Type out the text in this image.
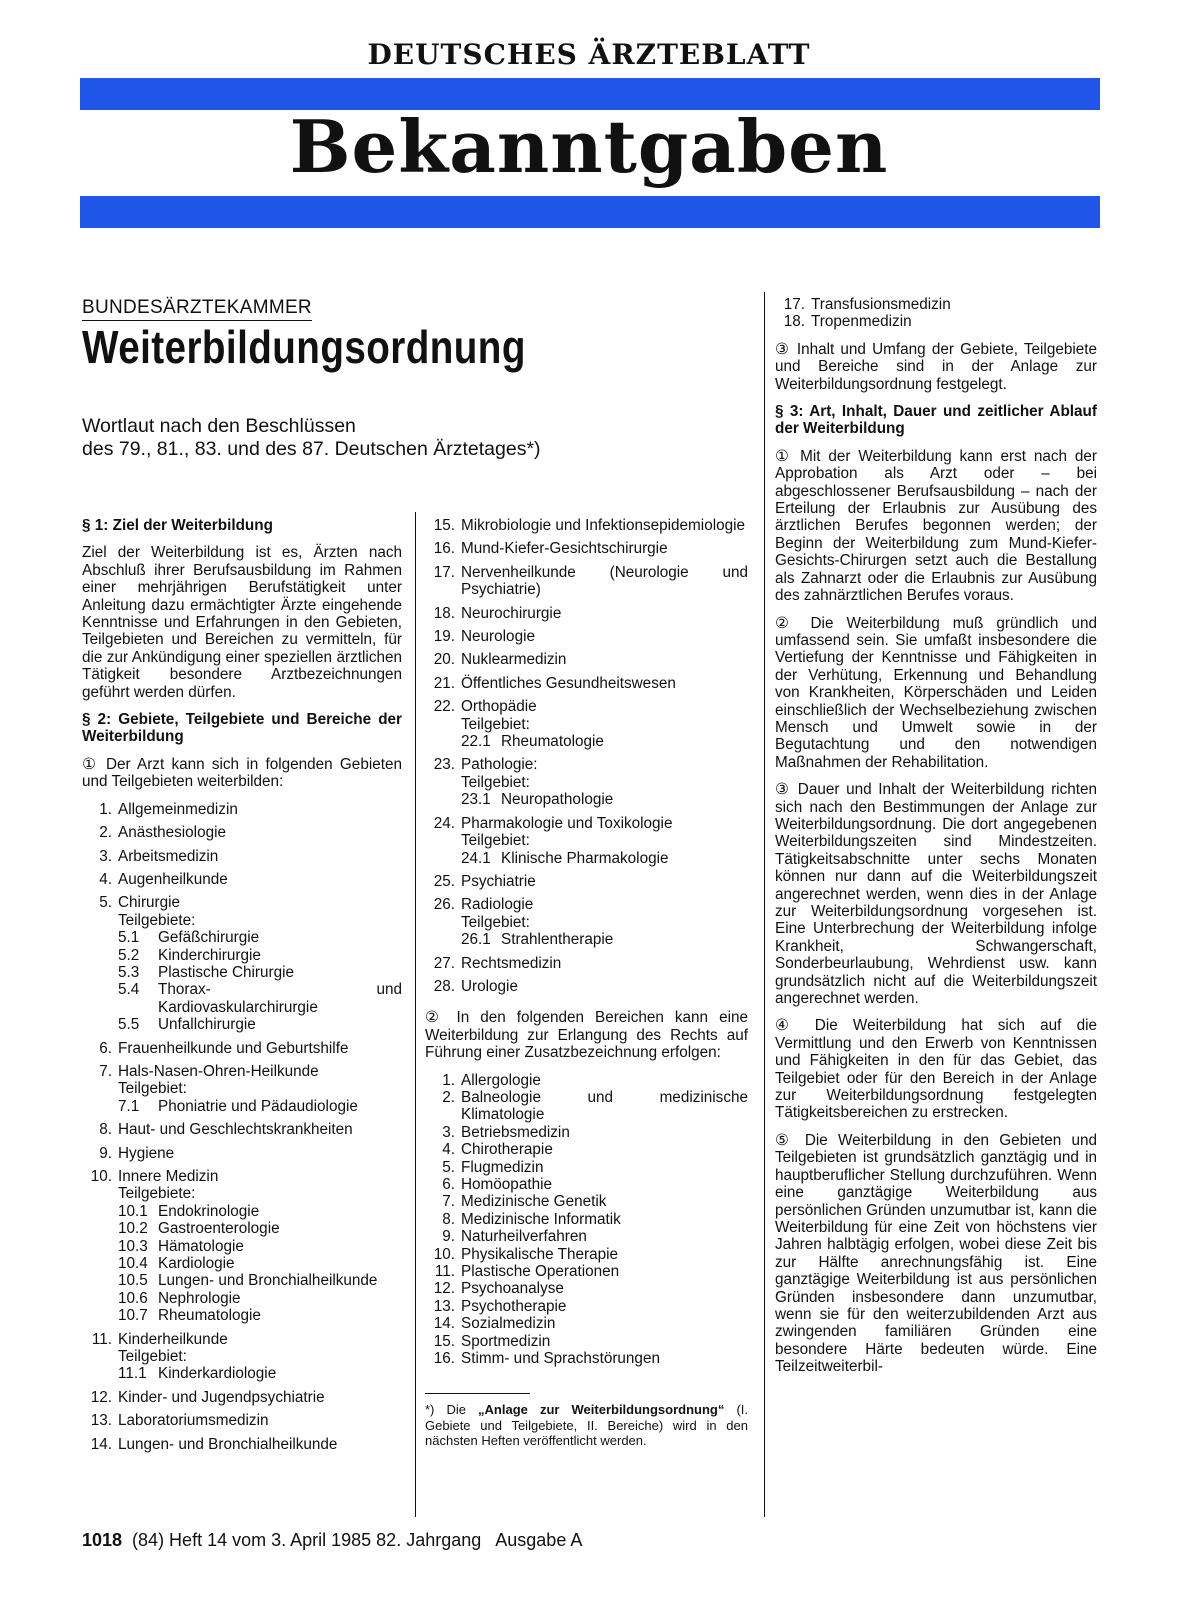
DEUTSCHES ÄRZTEBLATT
Bekanntgaben
BUNDESÄRZTEKAMMER
Weiterbildungsordnung
Wortlaut nach den Beschlüssen
des 79., 81., 83. und des 87. Deutschen Ärztetages*)
§ 1: Ziel der Weiterbildung

Ziel der Weiterbildung ist es, Ärzten nach Abschluß ihrer Berufsausbildung im Rahmen einer mehrjährigen Berufstätigkeit unter Anleitung dazu ermächtigter Ärzte eingehende Kenntnisse und Erfahrungen in den Gebieten, Teilgebieten und Bereichen zu vermitteln, für die zur Ankündigung einer speziellen ärztlichen Tätigkeit besondere Arztbezeichnungen geführt werden dürfen.

§ 2: Gebiete, Teilgebiete und Bereiche der Weiterbildung

① Der Arzt kann sich in folgenden Gebieten und Teilgebieten weiterbilden:

1. Allgemeinmedizin
2. Anästhesiologie
3. Arbeitsmedizin
4. Augenheilkunde
5. Chirurgie
Teilgebiete:
5.1	Gefäßchirurgie
5.2	Kinderchirurgie
5.3	Plastische Chirurgie
5.4	Thorax- und Kardiovaskularchirurgie
5.5	Unfallchirurgie
6. Frauenheilkunde und Geburtshilfe
7. Hals-Nasen-Ohren-Heilkunde
Teilgebiet:
7.1	Phoniatrie und Pädaudiologie
8. Haut- und Geschlechtskrankheiten
9. Hygiene
10. Innere Medizin
Teilgebiete:
10.1 Endokrinologie
10.2 Gastroenterologie
10.3 Hämatologie
10.4 Kardiologie
10.5 Lungen- und Bronchialheilkunde
10.6 Nephrologie
10.7 Rheumatologie
11. Kinderheilkunde
Teilgebiet:
11.1 Kinderkardiologie
12. Kinder- und Jugendpsychiatrie
13. Laboratoriumsmedizin
14. Lungen- und Bronchialheilkunde
15. Mikrobiologie und Infektionsepidemiologie
16. Mund-Kiefer-Gesichtschirurgie
17. Nervenheilkunde (Neurologie und Psychiatrie)
18. Neurochirurgie
19. Neurologie
20. Nuklearmedizin
21. Öffentliches Gesundheitswesen
22. Orthopädie
Teilgebiet:
22.1 Rheumatologie
23. Pathologie:
Teilgebiet:
23.1 Neuropathologie
24. Pharmakologie und Toxikologie
Teilgebiet:
24.1 Klinische Pharmakologie
25. Psychiatrie
26. Radiologie
Teilgebiet:
26.1 Strahlentherapie
27. Rechtsmedizin
28. Urologie

② In den folgenden Bereichen kann eine Weiterbildung zur Erlangung des Rechts auf Führung einer Zusatzbezeichnung erfolgen:

1. Allergologie
2. Balneologie und medizinische Klimatologie
3. Betriebsmedizin
4. Chirotherapie
5. Flugmedizin
6. Homöopathie
7. Medizinische Genetik
8. Medizinische Informatik
9. Naturheilverfahren
10. Physikalische Therapie
11. Plastische Operationen
12. Psychoanalyse
13. Psychotherapie
14. Sozialmedizin
15. Sportmedizin
16. Stimm- und Sprachstörungen
*) Die „Anlage zur Weiterbildungsordnung“ (I. Gebiete und Teilgebiete, II. Bereiche) wird in den nächsten Heften veröffentlicht werden.
17. Transfusionsmedizin
18. Tropenmedizin

③ Inhalt und Umfang der Gebiete, Teilgebiete und Bereiche sind in der Anlage zur Weiterbildungsordnung festgelegt.

§ 3: Art, Inhalt, Dauer und zeitlicher Ablauf der Weiterbildung

① Mit der Weiterbildung kann erst nach der Approbation als Arzt oder – bei abgeschlossener Berufsausbildung – nach der Erteilung der Erlaubnis zur Ausübung des ärztlichen Berufes begonnen werden; der Beginn der Weiterbildung zum Mund-Kiefer-Gesichts-Chirurgen setzt auch die Bestallung als Zahnarzt oder die Erlaubnis zur Ausübung des zahnärztlichen Berufes voraus.

② Die Weiterbildung muß gründlich und umfassend sein. Sie umfaßt insbesondere die Vertiefung der Kenntnisse und Fähigkeiten in der Verhütung, Erkennung und Behandlung von Krankheiten, Körperschäden und Leiden einschließlich der Wechselbeziehung zwischen Mensch und Umwelt sowie in der Begutachtung und den notwendigen Maßnahmen der Rehabilitation.

③ Dauer und Inhalt der Weiterbildung richten sich nach den Bestimmungen der Anlage zur Weiterbildungsordnung. Die dort angegebenen Weiterbildungszeiten sind Mindestzeiten. Tätigkeitsabschnitte unter sechs Monaten können nur dann auf die Weiterbildungszeit angerechnet werden, wenn dies in der Anlage zur Weiterbildungsordnung vorgesehen ist. Eine Unterbrechung der Weiterbildung infolge Krankheit, Schwangerschaft, Sonderbeurlaubung, Wehrdienst usw. kann grundsätzlich nicht auf die Weiterbildungszeit angerechnet werden.

④ Die Weiterbildung hat sich auf die Vermittlung und den Erwerb von Kenntnissen und Fähigkeiten in den für das Gebiet, das Teilgebiet oder für den Bereich in der Anlage zur Weiterbildungsordnung festgelegten Tätigkeitsbereichen zu erstrecken.

⑤ Die Weiterbildung in den Gebieten und Teilgebieten ist grundsätzlich ganztägig und in hauptberuflicher Stellung durchzuführen. Wenn eine ganztägige Weiterbildung aus persönlichen Gründen unzumutbar ist, kann die Weiterbildung für eine Zeit von höchstens vier Jahren halbtägig erfolgen, wobei diese Zeit bis zur Hälfte anrechnungsfähig ist. Eine ganztägige Weiterbildung ist aus persönlichen Gründen insbesondere dann unzumutbar, wenn sie für den weiterzubildenden Arzt aus zwingenden familiären Gründen eine besondere Härte bedeuten würde. Eine Teilzeitweiterbil-

1018  (84) Heft 14 vom 3. April 1985 82. Jahrgang   Ausgabe A
